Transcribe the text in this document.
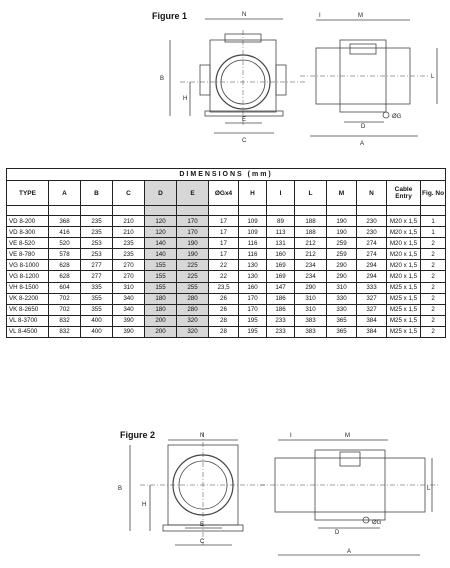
Figure 1	N
B
H
E
C
I	M
L
D
ØG
A
N
B
H
E
C
I	M
L
D
ØG
A
DIMENSIONS (mm)													
TYPE	A	B	C	D	E	ØGx4	H	I	L	M	N	Cable Entry	Fig. No

VD 8-200	368	235	210	120	170	17	109	89	188	190	230	M20 x 1,5	1
VD 8-300	416	235	210	120	170	17	109	113	188	190	230	M20 x 1,5	1
VE 8-520	520	253	235	140	190	17	116	131	212	259	274	M20 x 1,5	2
VE 8-780	578	253	235	140	190	17	116	160	212	259	274	M20 x 1,5	2
VG 8-1000	628	277	270	155	225	22	130	169	234	290	294	M20 x 1,5	2
VG 8-1200	628	277	270	155	225	22	130	169	234	290	294	M20 x 1,5	2
VH 8-1500	604	335	310	155	255	23,5	160	147	290	310	333	M25 x 1,5	2
VK 8-2200	702	355	340	180	280	26	170	186	310	330	327	M25 x 1,5	2
VK 8-2650	702	355	340	180	280	26	170	186	310	330	327	M25 x 1,5	2
VL 8-3700	832	400	390	200	320	28	195	233	383	365	384	M25 x 1,5	2
VL 8-4500	832	400	390	200	320	28	195	233	383	365	384	M25 x 1,5	2
Figure 2
